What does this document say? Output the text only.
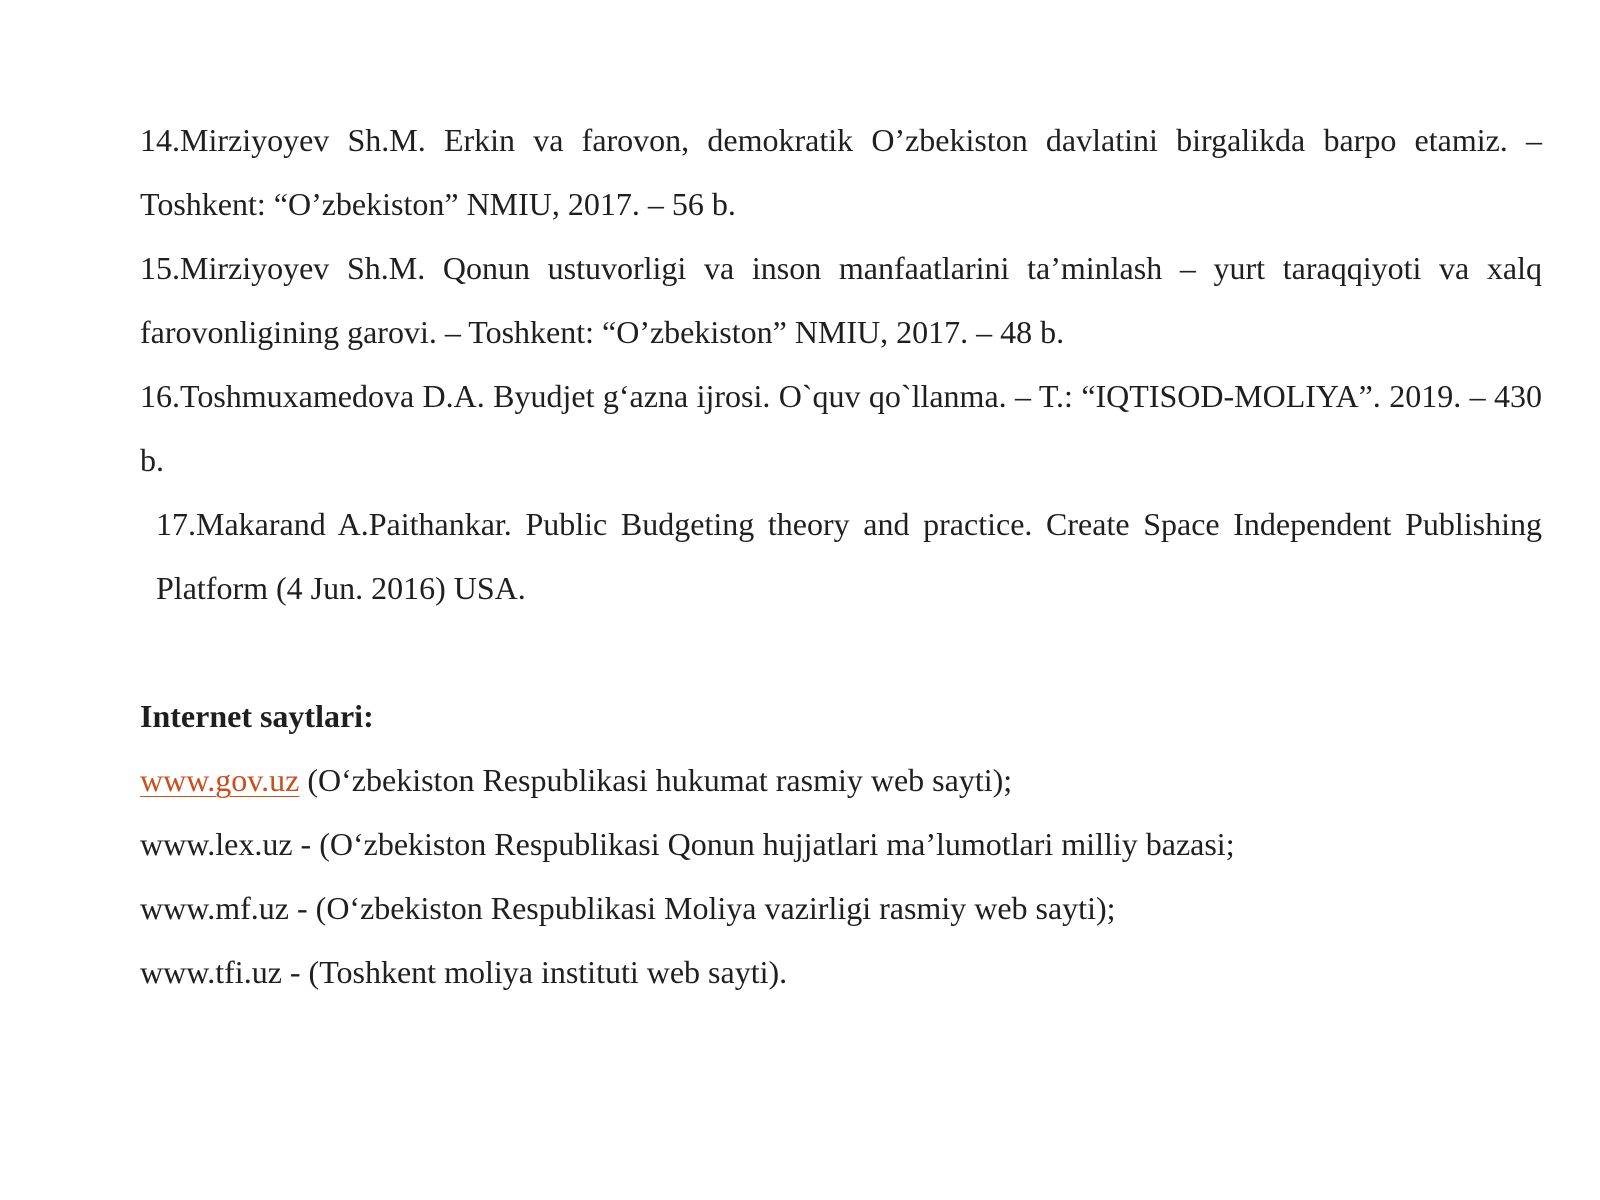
14.Mirziyoyev Sh.M. Erkin va farovon, demokratik O’zbekiston davlatini birgalikda barpo etamiz. – Toshkent: “O’zbekiston” NMIU, 2017. – 56 b.

15.Mirziyoyev Sh.M. Qonun ustuvorligi va inson manfaatlarini ta’minlash – yurt taraqqiyoti va xalq farovonligining garovi. – Toshkent: “O’zbekiston” NMIU, 2017. – 48 b.

16.Toshmuxamedova D.A. Byudjet g‘azna ijrosi. O`quv qo`llanma. – T.: “IQTISOD-MOLIYA”. 2019. – 430 b.

17.Makarand A.Paithankar. Public Budgeting theory and practice. Create Space Independent Publishing Platform (4 Jun. 2016) USA.

Internet saytlari:

www.gov.uz (O‘zbekiston Respublikasi hukumat rasmiy web sayti);

www.lex.uz - (O‘zbekiston Respublikasi Qonun hujjatlari ma’lumotlari milliy bazasi;

www.mf.uz - (O‘zbekiston Respublikasi Moliya vazirligi rasmiy web sayti);

www.tfi.uz - (Toshkent moliya instituti web sayti).
